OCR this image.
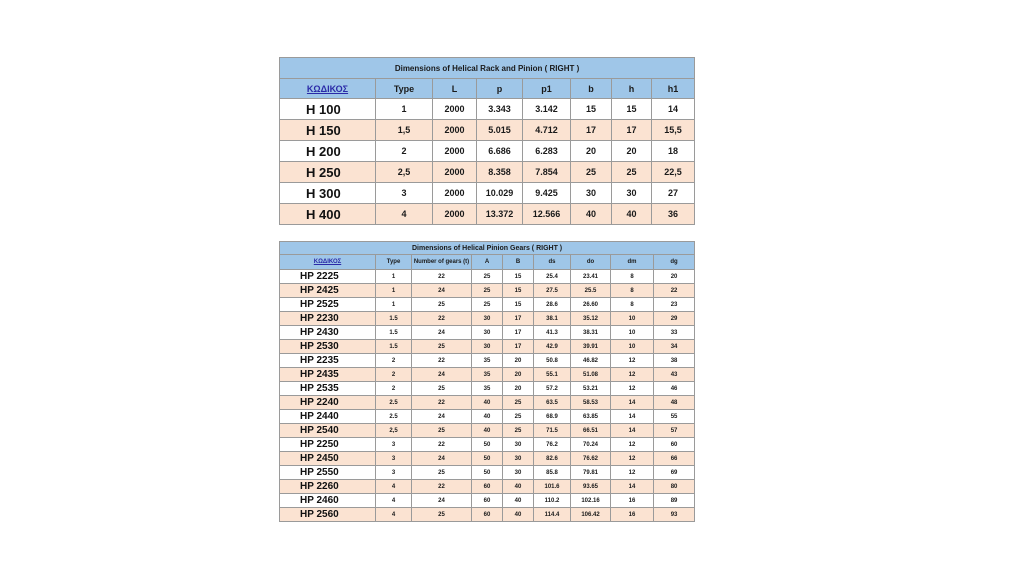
Dimensions of Helical Rack and Pinion ( RIGHT )							
ΚΩΔΙΚΟΣ	Type	L	p	p1	b	h	h1
H 100	1	2000	3.343	3.142	15	15	14
H 150	1,5	2000	5.015	4.712	17	17	15,5
H 200	2	2000	6.686	6.283	20	20	18
H 250	2,5	2000	8.358	7.854	25	25	22,5
H 300	3	2000	10.029	9.425	30	30	27
H 400	4	2000	13.372	12.566	40	40	36
Dimensions of Helical Pinion Gears ( RIGHT )								
ΚΩΔΙΚΟΣ	Type	Number of gears (t)	A	B	ds	do	dm	dg
HP 2225	1	22	25	15	25.4	23.41	8	20
HP 2425	1	24	25	15	27.5	25.5	8	22
HP 2525	1	25	25	15	28.6	26.60	8	23
HP 2230	1.5	22	30	17	38.1	35.12	10	29
HP 2430	1.5	24	30	17	41.3	38.31	10	33
HP 2530	1.5	25	30	17	42.9	39.91	10	34
HP 2235	2	22	35	20	50.8	46.82	12	38
HP 2435	2	24	35	20	55.1	51.08	12	43
HP 2535	2	25	35	20	57.2	53.21	12	46
HP 2240	2.5	22	40	25	63.5	58.53	14	48
HP 2440	2.5	24	40	25	68.9	63.85	14	55
HP 2540	2,5	25	40	25	71.5	66.51	14	57
HP 2250	3	22	50	30	76.2	70.24	12	60
HP 2450	3	24	50	30	82.6	76.62	12	66
HP 2550	3	25	50	30	85.8	79.81	12	69
HP 2260	4	22	60	40	101.6	93.65	14	80
HP 2460	4	24	60	40	110.2	102.16	16	89
HP 2560	4	25	60	40	114.4	106.42	16	93
